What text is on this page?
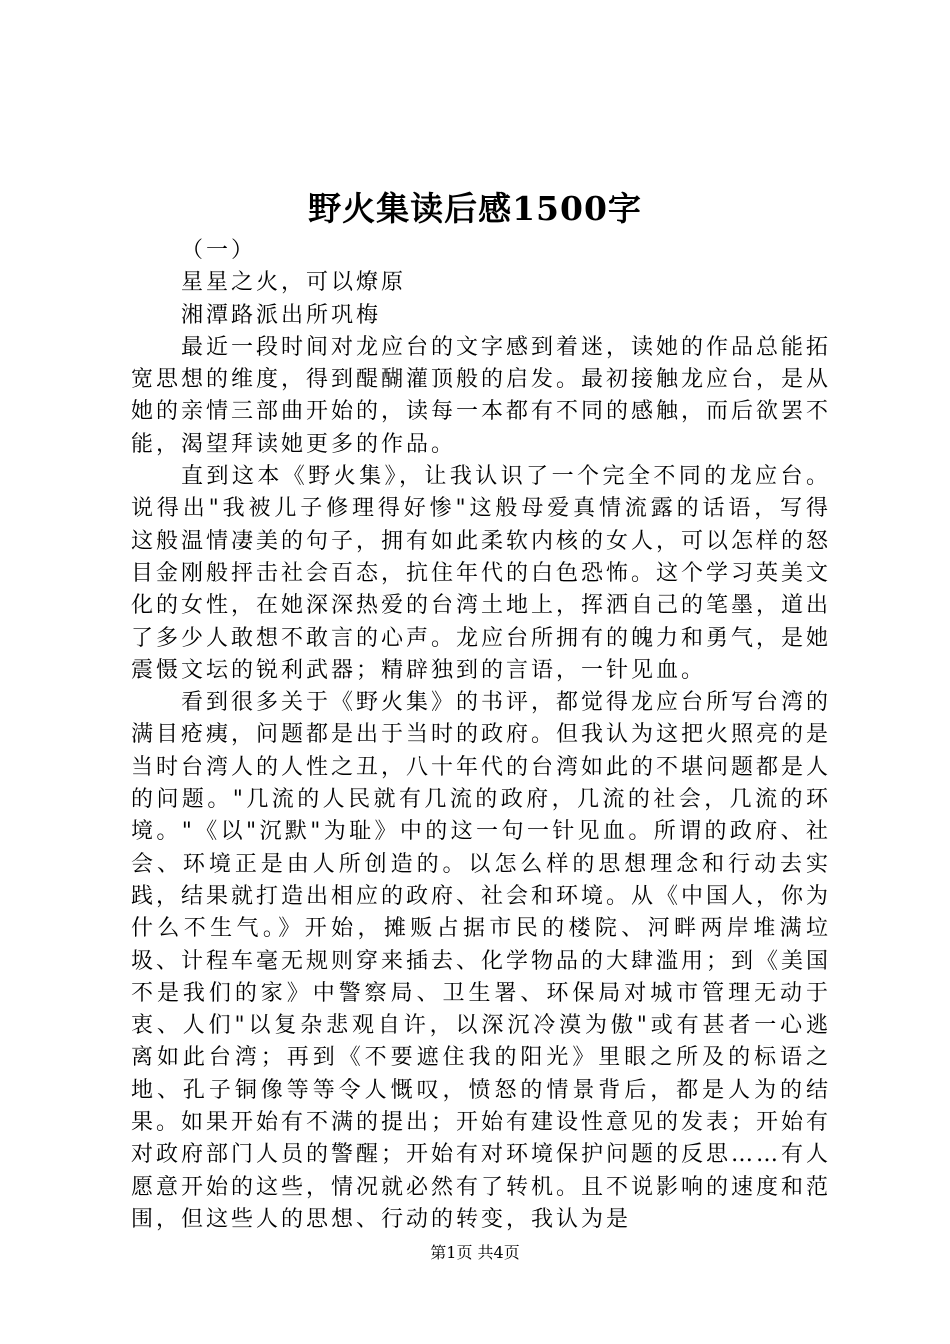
野火集读后感1500字

（一）

星星之火，可以燎原

湘潭路派出所巩梅

最近一段时间对龙应台的文字感到着迷，读她的作品总能拓宽思想的维度，得到醍醐灌顶般的启发。最初接触龙应台，是从她的亲情三部曲开始的，读每一本都有不同的感触，而后欲罢不能，渴望拜读她更多的作品。

直到这本《野火集》，让我认识了一个完全不同的龙应台。说得出"我被儿子修理得好惨"这般母爱真情流露的话语，写得这般温情凄美的句子，拥有如此柔软内核的女人，可以怎样的怒目金刚般抨击社会百态，抗住年代的白色恐怖。这个学习英美文化的女性，在她深深热爱的台湾土地上，挥洒自己的笔墨，道出了多少人敢想不敢言的心声。龙应台所拥有的魄力和勇气，是她震慑文坛的锐利武器；精辟独到的言语，一针见血。

看到很多关于《野火集》的书评，都觉得龙应台所写台湾的满目疮痍，问题都是出于当时的政府。但我认为这把火照亮的是当时台湾人的人性之丑，八十年代的台湾如此的不堪问题都是人的问题。"几流的人民就有几流的政府，几流的社会，几流的环境。"《以"沉默"为耻》中的这一句一针见血。所谓的政府、社会、环境正是由人所创造的。以怎么样的思想理念和行动去实践，结果就打造出相应的政府、社会和环境。从《中国人，你为什么不生气。》开始，摊贩占据市民的楼院、河畔两岸堆满垃圾、计程车毫无规则穿来插去、化学物品的大肆滥用；到《美国不是我们的家》中警察局、卫生署、环保局对城市管理无动于衷、人们"以复杂悲观自许，以深沉冷漠为傲"或有甚者一心逃离如此台湾；再到《不要遮住我的阳光》里眼之所及的标语之地、孔子铜像等等令人慨叹，愤怒的情景背后，都是人为的结果。如果开始有不满的提出；开始有建设性意见的发表；开始有对政府部门人员的警醒；开始有对环境保护问题的反思……有人愿意开始的这些，情况就必然有了转机。且不说影响的速度和范围，但这些人的思想、行动的转变，我认为是

第1页 共4页
